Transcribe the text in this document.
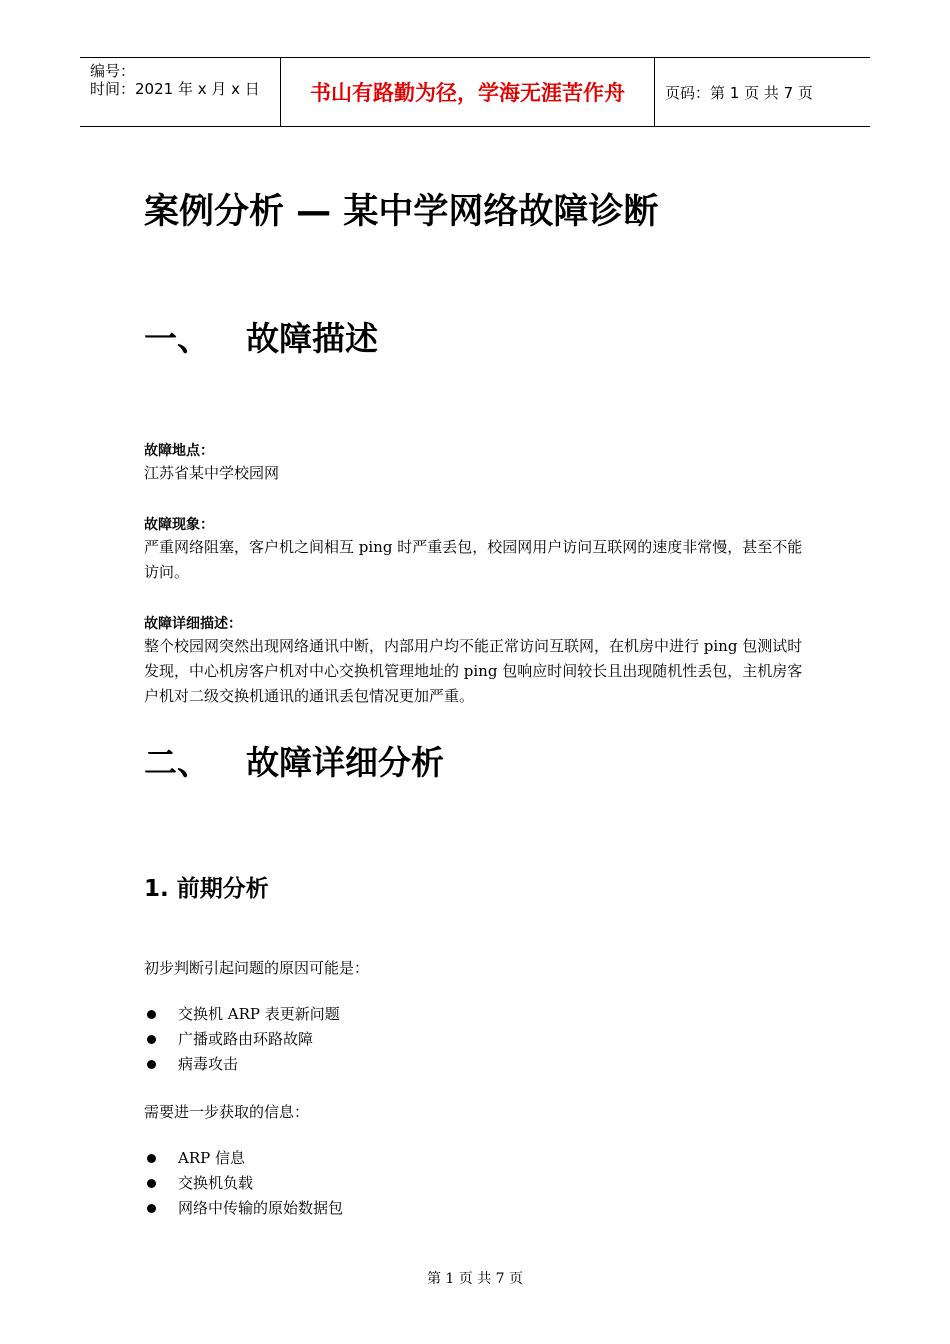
编号：
时间：2021 年 x 月 x 日	书山有路勤为径，学海无涯苦作舟	页码：第 1 页 共 7 页
案例分析 — 某中学网络故障诊断
一、 故障描述
故障地点：
江苏省某中学校园网
故障现象：
严重网络阻塞，客户机之间相互 ping 时严重丢包，校园网用户访问互联网的速度非常慢，甚至不能访问。
故障详细描述：
整个校园网突然出现网络通讯中断，内部用户均不能正常访问互联网，在机房中进行 ping 包测试时发现，中心机房客户机对中心交换机管理地址的 ping 包响应时间较长且出现随机性丢包，主机房客户机对二级交换机通讯的通讯丢包情况更加严重。
二、 故障详细分析
1. 前期分析
初步判断引起问题的原因可能是：
交换机 ARP 表更新问题
广播或路由环路故障
病毒攻击
需要进一步获取的信息：
ARP 信息
交换机负载
网络中传输的原始数据包
第 1 页 共 7 页
